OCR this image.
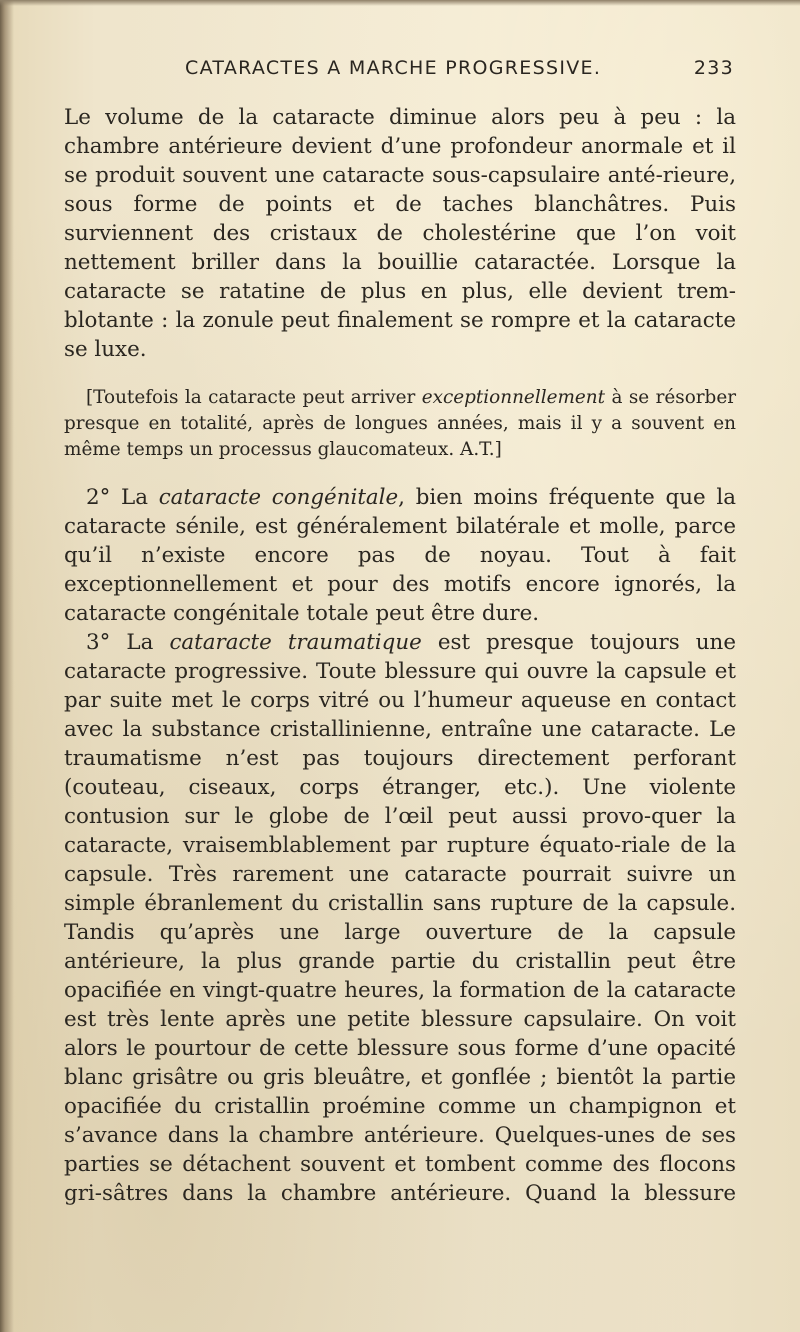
CATARACTES A MARCHE PROGRESSIVE.	233

Le volume de la cataracte diminue alors peu à peu : la chambre antérieure devient d’une profondeur anormale et il se produit souvent une cataracte sous-capsulaire anté-rieure, sous forme de points et de taches blanchâtres. Puis surviennent des cristaux de cholestérine que l’on voit nettement briller dans la bouillie cataractée. Lorsque la cataracte se ratatine de plus en plus, elle devient trem-blotante : la zonule peut finalement se rompre et la cataracte se luxe.

[Toutefois la cataracte peut arriver exceptionnellement à se résorber presque en totalité, après de longues années, mais il y a souvent en même temps un processus glaucomateux. A.T.]

2° La cataracte congénitale, bien moins fréquente que la cataracte sénile, est généralement bilatérale et molle, parce qu’il n’existe encore pas de noyau. Tout à fait exceptionnellement et pour des motifs encore ignorés, la cataracte congénitale totale peut être dure.

3° La cataracte traumatique est presque toujours une cataracte progressive. Toute blessure qui ouvre la capsule et par suite met le corps vitré ou l’humeur aqueuse en contact avec la substance cristallinienne, entraîne une cataracte. Le traumatisme n’est pas toujours directement perforant (couteau, ciseaux, corps étranger, etc.). Une violente contusion sur le globe de l’œil peut aussi provo-quer la cataracte, vraisemblablement par rupture équato-riale de la capsule. Très rarement une cataracte pourrait suivre un simple ébranlement du cristallin sans rupture de la capsule. Tandis qu’après une large ouverture de la capsule antérieure, la plus grande partie du cristallin peut être opacifiée en vingt-quatre heures, la formation de la cataracte est très lente après une petite blessure capsulaire. On voit alors le pourtour de cette blessure sous forme d’une opacité blanc grisâtre ou gris bleuâtre, et gonflée ; bientôt la partie opacifiée du cristallin proémine comme un champignon et s’avance dans la chambre antérieure. Quelques-unes de ses parties se détachent souvent et tombent comme des flocons gri-sâtres dans la chambre antérieure. Quand la blessure
